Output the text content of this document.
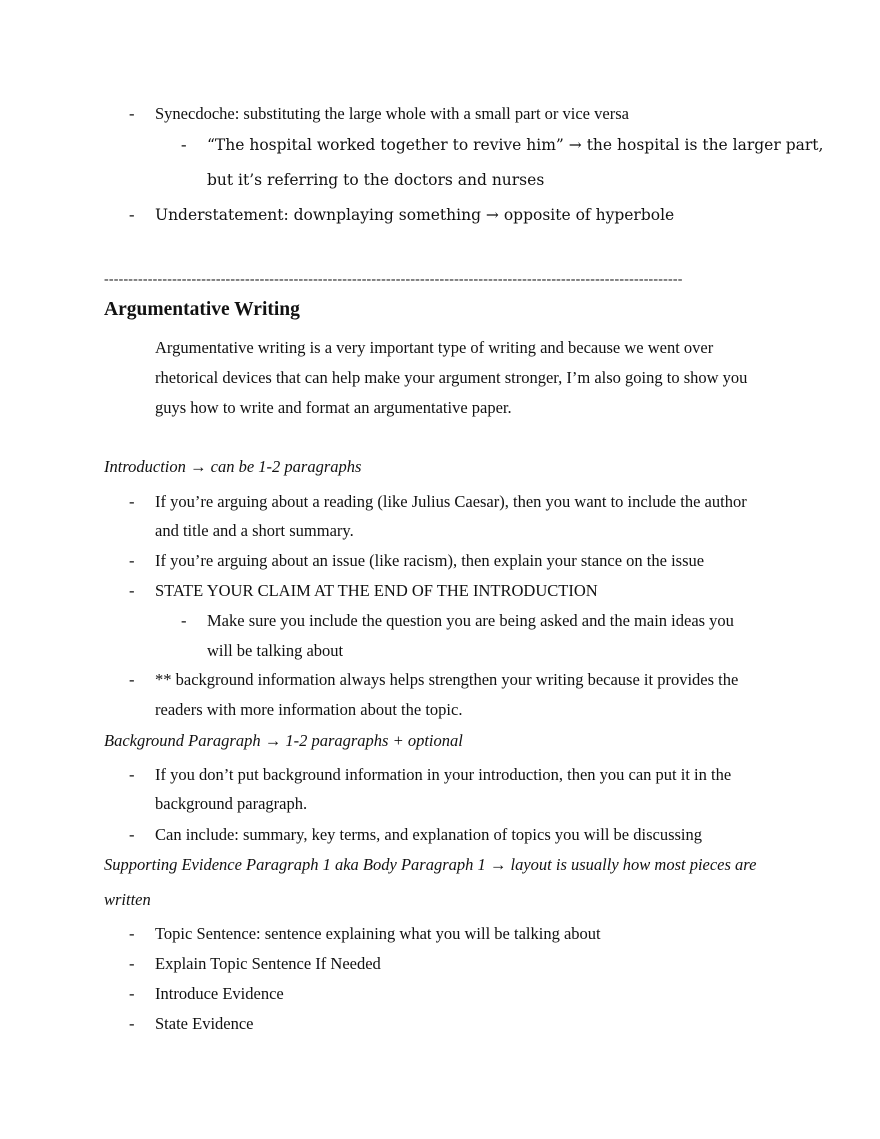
- Synecdoche: substituting the large whole with a small part or vice versa
- “The hospital worked together to revive him” → the hospital is the larger part,
but it’s referring to the doctors and nurses
- Understatement: downplaying something → opposite of hyperbole
-----------------------------------------------------------------------------------------------------------------------
Argumentative Writing
Argumentative writing is a very important type of writing and because we went over
rhetorical devices that can help make your argument stronger, I’m also going to show you
guys how to write and format an argumentative paper.
Introduction → can be 1-2 paragraphs
- If you’re arguing about a reading (like Julius Caesar), then you want to include the author
and title and a short summary.
- If you’re arguing about an issue (like racism), then explain your stance on the issue
- STATE YOUR CLAIM AT THE END OF THE INTRODUCTION
- Make sure you include the question you are being asked and the main ideas you
will be talking about
- ** background information always helps strengthen your writing because it provides the
readers with more information about the topic.
Background Paragraph → 1-2 paragraphs + optional
- If you don’t put background information in your introduction, then you can put it in the
background paragraph.
- Can include: summary, key terms, and explanation of topics you will be discussing
Supporting Evidence Paragraph 1 aka Body Paragraph 1 → layout is usually how most pieces are
written
- Topic Sentence: sentence explaining what you will be talking about
- Explain Topic Sentence If Needed
- Introduce Evidence
- State Evidence
